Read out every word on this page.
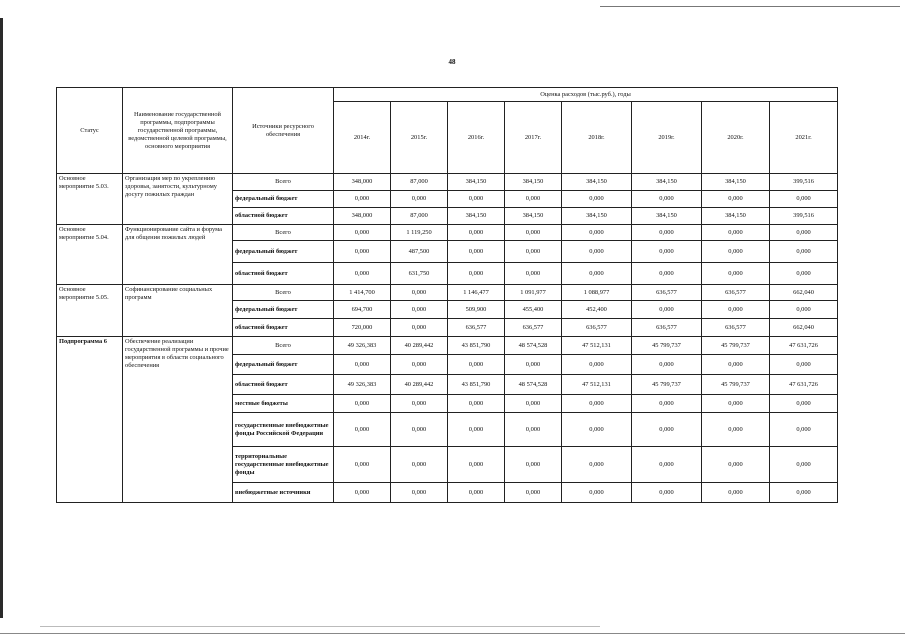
48
Статус	Наименование государственной программы, подпрограммы государственной программы, ведомственной целевой программы, основного мероприятия	Источники ресурсного обеспечения	Оценка расходов (тыс.руб.), годы							
			2014г.	2015г.	2016г.	2017г.	2018г.	2019г.	2020г.	2021г.
Основное мероприятие 5.03.	Организация мер по укреплению здоровья, занятости, культурному досугу пожилых граждан	Всего	348,000	87,000	384,150	384,150	384,150	384,150	384,150	399,516
		федеральный бюджет	0,000	0,000	0,000	0,000	0,000	0,000	0,000	0,000
		областной бюджет	348,000	87,000	384,150	384,150	384,150	384,150	384,150	399,516
Основное мероприятие 5.04.	Функционирование сайта и форума для общения пожилых людей	Всего	0,000	1 119,250	0,000	0,000	0,000	0,000	0,000	0,000
		федеральный бюджет	0,000	487,500	0,000	0,000	0,000	0,000	0,000	0,000
		областной бюджет	0,000	631,750	0,000	0,000	0,000	0,000	0,000	0,000
Основное мероприятие 5.05.	Софинансирование социальных программ	Всего	1 414,700	0,000	1 146,477	1 091,977	1 088,977	636,577	636,577	662,040
		федеральный бюджет	694,700	0,000	509,900	455,400	452,400	0,000	0,000	0,000
		областной бюджет	720,000	0,000	636,577	636,577	636,577	636,577	636,577	662,040
Подпрограмма 6	Обеспечение реализации государственной программы и прочие мероприятия в области социального обеспечения	Всего	49 326,383	40 289,442	43 851,790	48 574,528	47 512,131	45 799,737	45 799,737	47 631,726
		федеральный бюджет	0,000	0,000	0,000	0,000	0,000	0,000	0,000	0,000
		областной бюджет	49 326,383	40 289,442	43 851,790	48 574,528	47 512,131	45 799,737	45 799,737	47 631,726
		местные бюджеты	0,000	0,000	0,000	0,000	0,000	0,000	0,000	0,000
		государственные внебюджетные фонды Российской Федерации	0,000	0,000	0,000	0,000	0,000	0,000	0,000	0,000
		территориальные государственные внебюджетные фонды	0,000	0,000	0,000	0,000	0,000	0,000	0,000	0,000
		внебюджетные источники	0,000	0,000	0,000	0,000	0,000	0,000	0,000	0,000
